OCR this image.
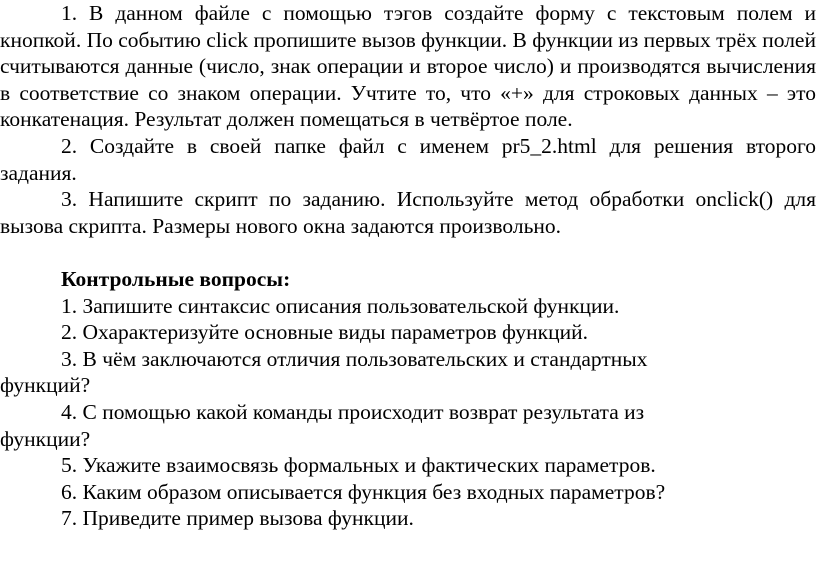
1. В данном файле с помощью тэгов создайте форму с текстовым полем и кнопкой. По событию click пропишите вызов функции. В функции из первых трёх полей считываются данные (число, знак операции и второе число) и производятся вычисления в соответствие со знаком операции. Учтите то, что «+» для строковых данных – это конкатенация. Результат должен помещаться в четвёртое поле.

2. Создайте в своей папке файл с именем pr5_2.html для решения второго задания.

3. Напишите скрипт по заданию. Используйте метод обработки onclick() для вызова скрипта. Размеры нового окна задаются произвольно.

Контрольные вопросы:

1. Запишите синтаксис описания пользовательской функции.

2. Охарактеризуйте основные виды параметров функций.

3. В чём заключаются отличия пользовательских и стандартных функций?

4. С помощью какой команды происходит возврат результата из функции?

5. Укажите взаимосвязь формальных и фактических параметров.

6. Каким образом описывается функция без входных параметров?

7. Приведите пример вызова функции.
